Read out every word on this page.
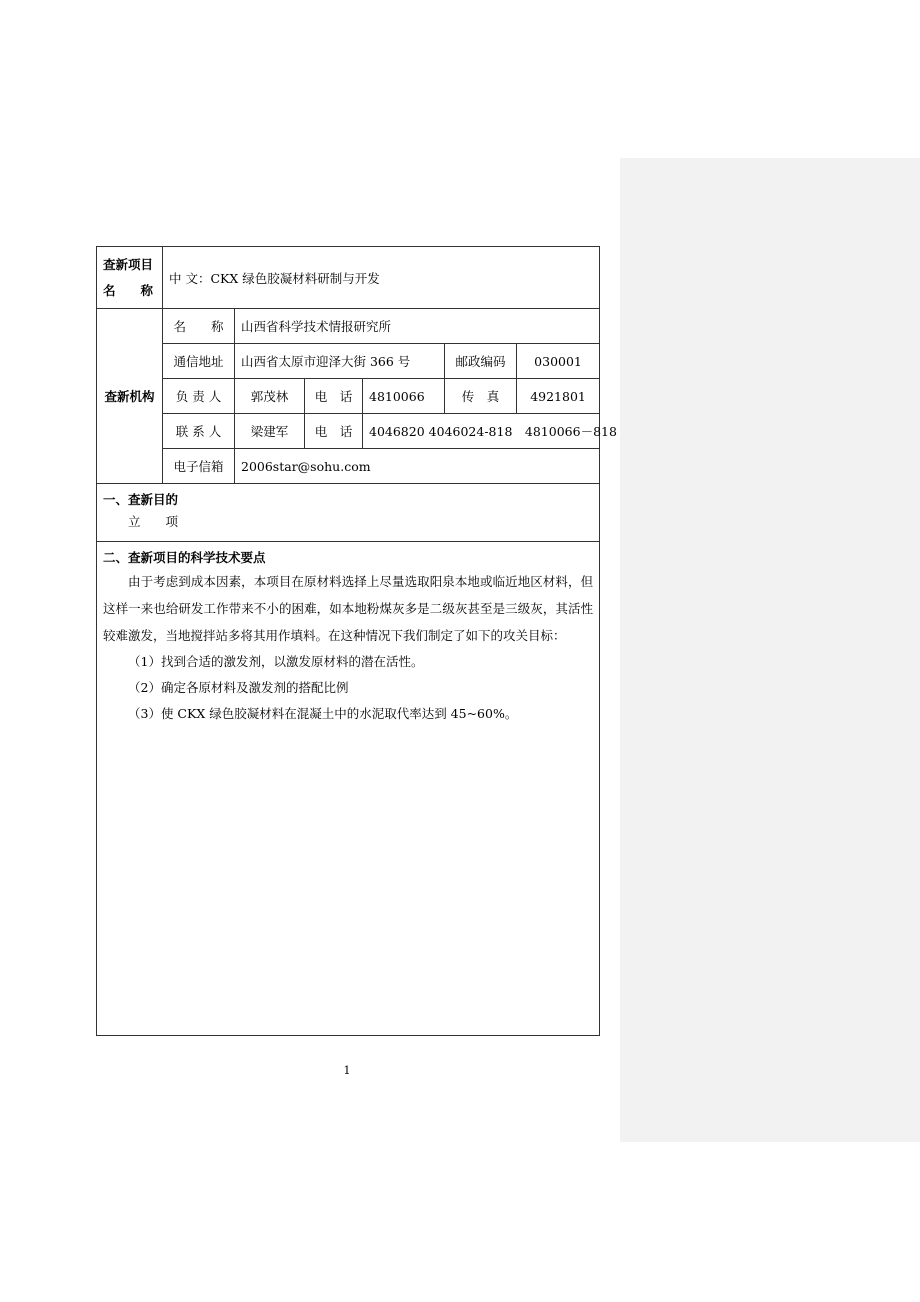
查新项目
名　　称	中 文：CKX 绿色胶凝材料研制与开发					
查新机构	名　　称	山西省科学技术情报研究所				
	通信地址	山西省太原市迎泽大街 366 号			邮政编码	030001
	负 责 人	郭茂林	电　话	4810066	传　真	4921801
	联 系 人	梁建军	电　话	4046820 4046024-818　4810066－818		
	电子信箱	2006star@sohu.com				

一、查新目的
立　　项						

二、查新项目的科学技术要点

由于考虑到成本因素，本项目在原材料选择上尽量选取阳泉本地或临近地区材料，但这样一来也给研发工作带来不小的困难，如本地粉煤灰多是二级灰甚至是三级灰，其活性较难激发，当地搅拌站多将其用作填料。在这种情况下我们制定了如下的攻关目标：

（1）找到合适的激发剂，以激发原材料的潜在活性。

（2）确定各原材料及激发剂的搭配比例

（3）使 CKX 绿色胶凝材料在混凝土中的水泥取代率达到 45~60%。						

1
